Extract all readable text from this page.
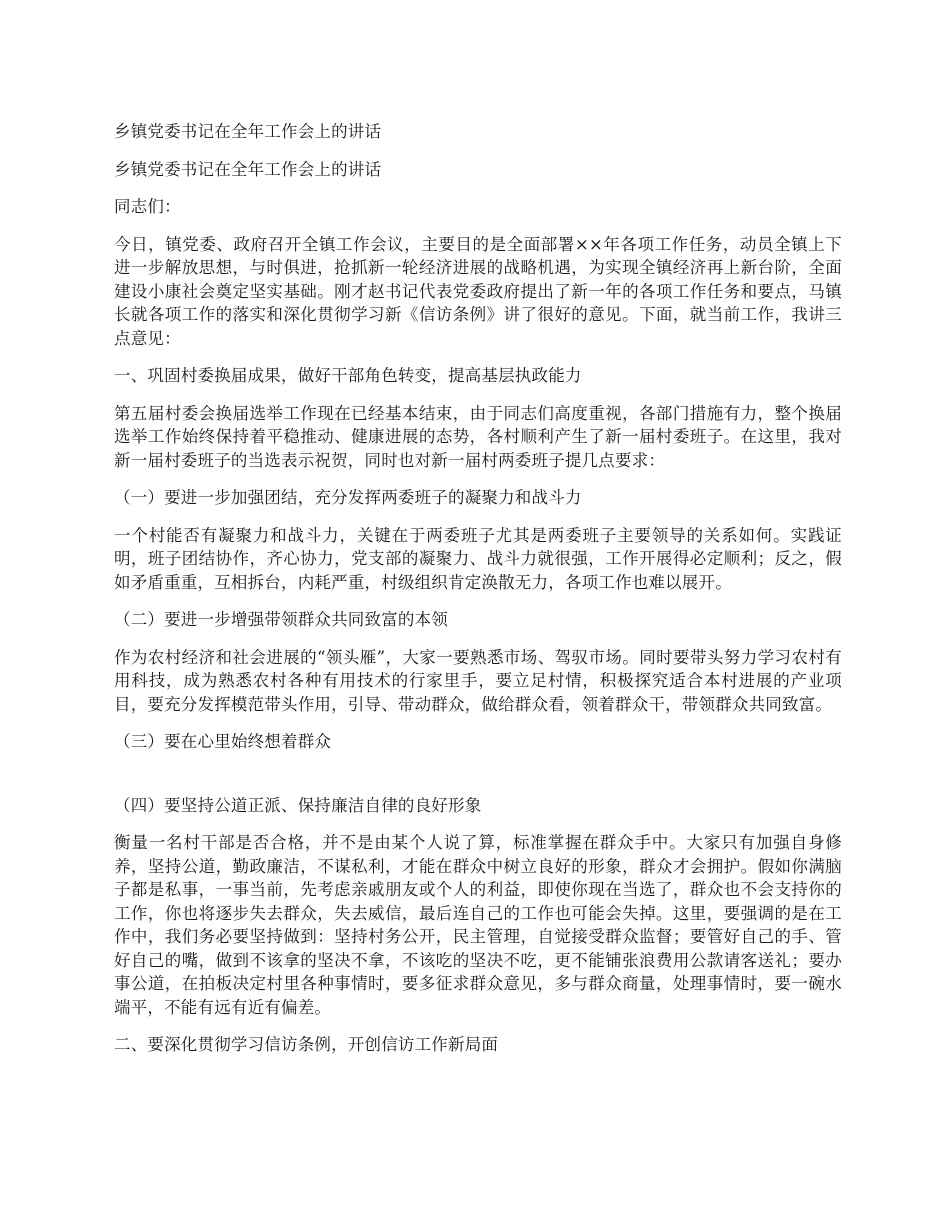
乡镇党委书记在全年工作会上的讲话

乡镇党委书记在全年工作会上的讲话

同志们：

今日，镇党委、政府召开全镇工作会议，主要目的是全面部署××年各项工作任务，动员全镇上下进一步解放思想，与时俱进，抢抓新一轮经济进展的战略机遇，为实现全镇经济再上新台阶，全面建设小康社会奠定坚实基础。刚才赵书记代表党委政府提出了新一年的各项工作任务和要点，马镇长就各项工作的落实和深化贯彻学习新《信访条例》讲了很好的意见。下面，就当前工作，我讲三点意见：

一、巩固村委换届成果，做好干部角色转变，提高基层执政能力

第五届村委会换届选举工作现在已经基本结束，由于同志们高度重视，各部门措施有力，整个换届选举工作始终保持着平稳推动、健康进展的态势，各村顺利产生了新一届村委班子。在这里，我对新一届村委班子的当选表示祝贺，同时也对新一届村两委班子提几点要求：

（一）要进一步加强团结，充分发挥两委班子的凝聚力和战斗力

一个村能否有凝聚力和战斗力，关键在于两委班子尤其是两委班子主要领导的关系如何。实践证明，班子团结协作，齐心协力，党支部的凝聚力、战斗力就很强，工作开展得必定顺利；反之，假如矛盾重重，互相拆台，内耗严重，村级组织肯定涣散无力，各项工作也难以展开。

（二）要进一步增强带领群众共同致富的本领

作为农村经济和社会进展的“领头雁”，大家一要熟悉市场、驾驭市场。同时要带头努力学习农村有用科技，成为熟悉农村各种有用技术的行家里手，要立足村情，积极探究适合本村进展的产业项目，要充分发挥模范带头作用，引导、带动群众，做给群众看，领着群众干，带领群众共同致富。

（三）要在心里始终想着群众

（四）要坚持公道正派、保持廉洁自律的良好形象

衡量一名村干部是否合格，并不是由某个人说了算，标准掌握在群众手中。大家只有加强自身修养，坚持公道，勤政廉洁，不谋私利，才能在群众中树立良好的形象，群众才会拥护。假如你满脑子都是私事，一事当前，先考虑亲戚朋友或个人的利益，即使你现在当选了，群众也不会支持你的工作，你也将逐步失去群众，失去威信，最后连自己的工作也可能会失掉。这里，要强调的是在工作中，我们务必要坚持做到：坚持村务公开，民主管理，自觉接受群众监督；要管好自己的手、管好自己的嘴，做到不该拿的坚决不拿，不该吃的坚决不吃，更不能铺张浪费用公款请客送礼；要办事公道，在拍板决定村里各种事情时，要多征求群众意见，多与群众商量，处理事情时，要一碗水端平，不能有远有近有偏差。

二、要深化贯彻学习信访条例，开创信访工作新局面
